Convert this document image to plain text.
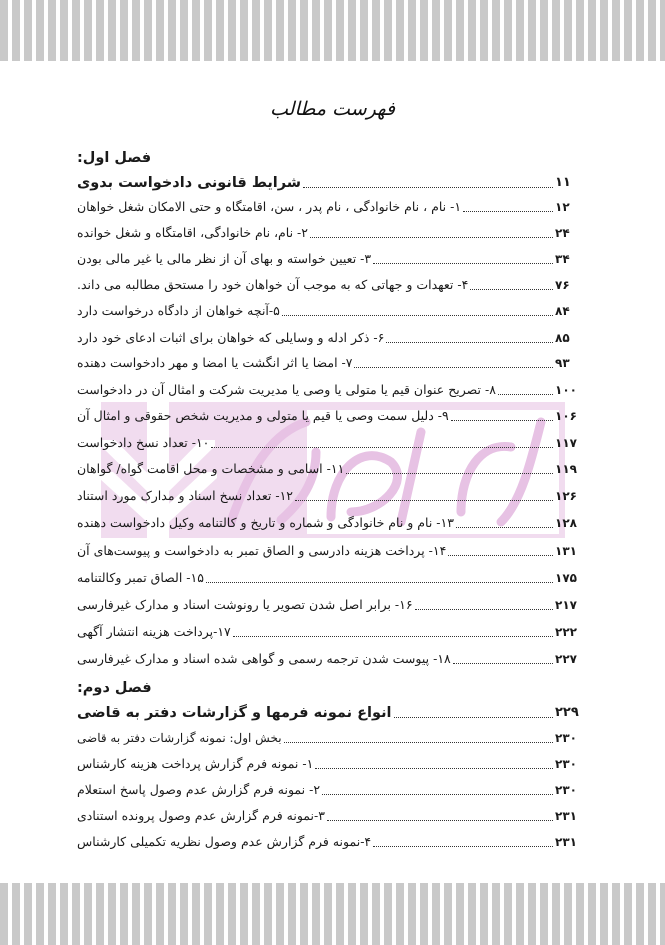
فهرست مطالب
فصل اول:
شرایط قانونی دادخواست بدوی	۱۱
۱- نام ، نام خانوادگی ، نام پدر ، سن، اقامتگاه و حتی الامکان شغل خواهان	۱۲
۲- نام، نام خانوادگی، اقامتگاه و شغل خوانده	۲۴
۳- تعیین خواسته و بهای آن از نظر مالی یا غیر مالی بودن	۳۴
۴- تعهدات و جهاتی که به موجب آن خواهان خود را مستحق مطالبه می داند.	۷۶
۵-آنچه خواهان از دادگاه درخواست دارد	۸۴
۶- ذکر ادله و وسایلی که خواهان برای اثبات ادعای خود دارد	۸۵
۷- امضا یا اثر انگشت یا امضا و مهر دادخواست دهنده	۹۳
۸- تصریح عنوان قیم یا متولی یا وصی یا مدیریت شرکت و امثال آن در دادخواست	۱۰۰
۹- دلیل سمت وصی یا قیم یا متولی و مدیریت شخص حقوقی و امثال آن	۱۰۶
۱۰- تعداد نسخ دادخواست	۱۱۷
۱۱- اسامی و مشخصات و محل اقامت گواه/ گواهان	۱۱۹
۱۲- تعداد نسخ اسناد و مدارک مورد استناد	۱۲۶
۱۳- نام و نام خانوادگی و شماره و تاریخ و کالتنامه وکیل دادخواست دهنده	۱۲۸
۱۴- پرداخت هزینه دادرسی و الصاق تمبر به دادخواست و پیوست‌های آن	۱۳۱
۱۵- الصاق تمبر وکالتنامه	۱۷۵
۱۶- برابر اصل شدن تصویر یا رونوشت اسناد و مدارک غیرفارسی	۲۱۷
۱۷-پرداخت هزینه انتشار آگهی	۲۲۲
۱۸- پیوست شدن ترجمه رسمی و گواهی شده اسناد و مدارک غیرفارسی	۲۲۷
فصل دوم:
انواع نمونه فرمها و گزارشات دفتر به قاضی	۲۲۹
بخش اول: نمونه گزارشات دفتر به قاضی	۲۳۰
۱- نمونه فرم گزارش پرداخت هزینه کارشناس	۲۳۰
۲- نمونه فرم گزارش عدم وصول پاسخ استعلام	۲۳۰
۳-نمونه فرم گزارش عدم وصول پرونده استنادی	۲۳۱
۴-نمونه فرم گزارش عدم وصول نظریه تکمیلی کارشناس	۲۳۱
